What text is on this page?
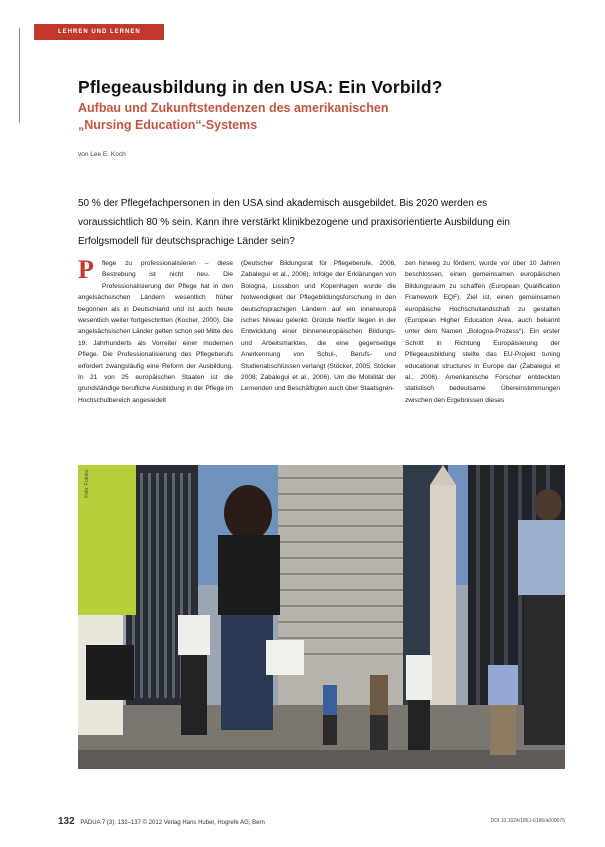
LEHREN UND LERNEN
Pflegeausbildung in den USA: Ein Vorbild?
Aufbau und Zukunftstendenzen des amerikanischen
„Nursing Education“-Systems
von Lee E. Koch

50 % der Pflegefachpersonen in den USA sind akademisch ausgebildet. Bis 2020 werden es voraussichtlich 80 % sein. Kann ihre verstärkt klinikbezogene und praxisorientierte Ausbildung ein Erfolgsmodell für deutschsprachige Länder sein?

P	flege zu professionalisieren – diese Bestrebung ist nicht neu. Die Professionalisierung der Pflege hat in den angelsächsischen Ländern wesentlich früher begonnen als in Deutschland und ist auch heute wesentlich weiter fortgeschritten (Kocher, 2000). Die angelsächsischen Länder gelten schon seit Mitte des 19. Jahrhunderts als Vorreiter einer modernen Pflege. Die Professionalisierung des Pflegeberufs erfordert zwangsläufig eine Reform der Ausbildung. In 21 von 25 europäischen Staaten ist die grundständige berufliche Ausbildung in der Pflege im Hochschulbereich angesiedelt
(Deutscher Bildungsrat für Pflegeberufe, 2006, Zabalegui et al., 2006). Infolge der Erklärungen von Bologna, Lissabon und Kopenhagen wurde die Notwendigkeit der Pflegebildungsforschung in den deutschsprachigen Ländern auf ein innereuropä isches Niveau gelenkt. Gründe hierfür liegen in der Entwicklung einer binneneuropäischen Bildungs- und Arbeitsmarktes, die eine gegenseitige Anerkennung von Schul-, Berufs- und Studienabschlüssen verlangt (Stöcker, 2005; Stöcker 2008; Zabalegui et al., 2006). Um die Mobilität der Lernenden und Beschäftigten auch über Staatsgren-
zen hinweg zu fördern, wurde vor über 10 Jahren beschlossen, einen gemeinsamen europäischen Bildungsraum zu schaffen (European Qualification Framework EQF). Ziel ist, einen gemeinsamen europäische Hochschullandschaft zu gestalten (European Higher Education Area, auch bekannt unter dem Namen „Bologna-Prozess“). Ein erster Schritt in Richtung Europäisierung der Pflegeausbildung stellte das EU-Projekt tuning educational structures in Europe dar (Zabalegui et al., 2006). Amerikanische Forscher entdeckten statistisch bedeutsame Übereinstimmungen zwischen den Ergebnissen dieses
Foto: Fotolia
132 PADUA 7 (3): 132–137 © 2012 Verlag Hans Huber, Hogrefe AG, Bern	DOI 10.1024/1861-6186/a000076
